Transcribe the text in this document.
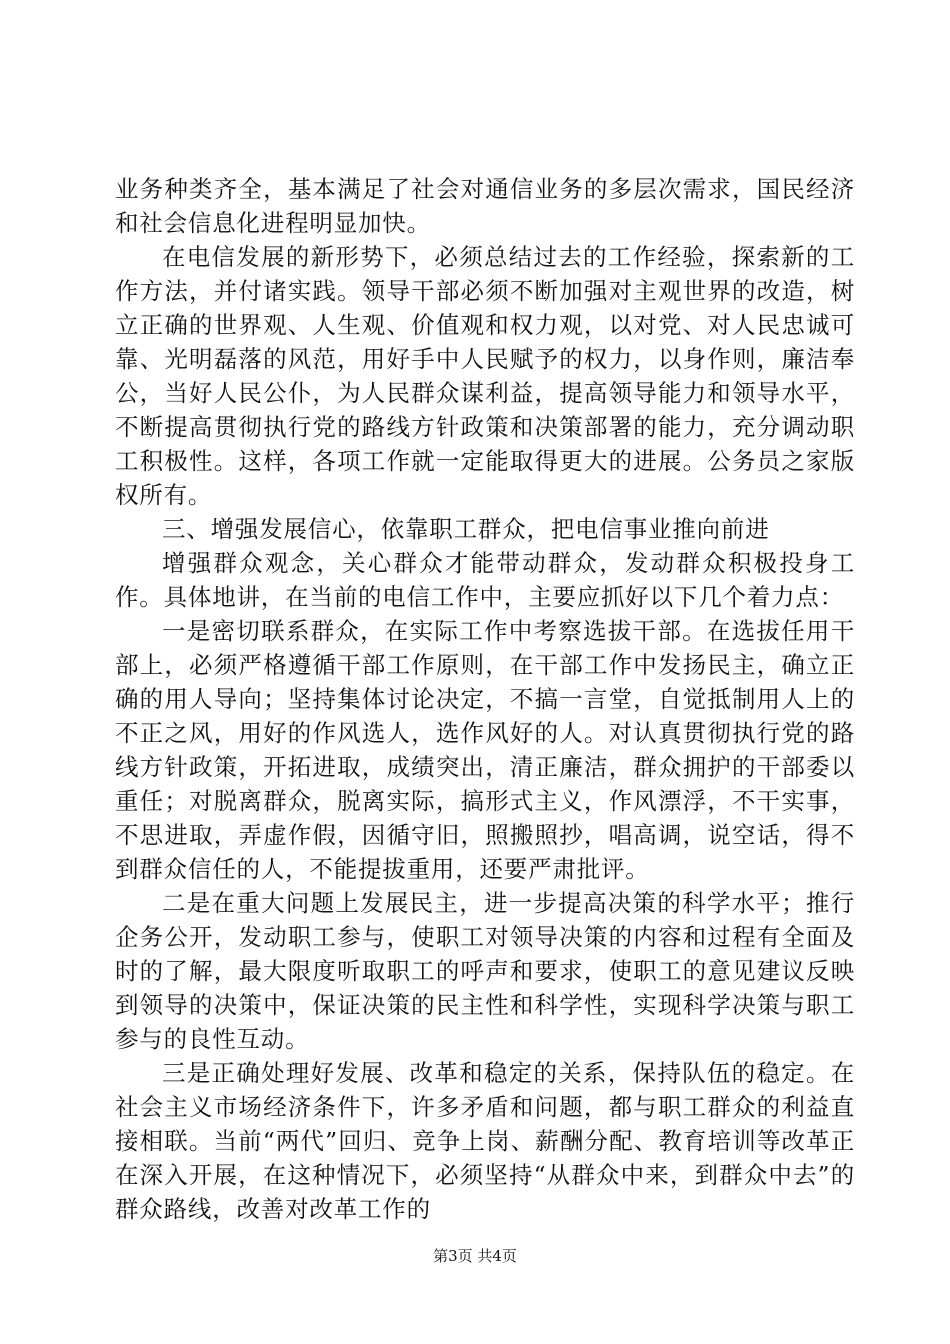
业务种类齐全，基本满足了社会对通信业务的多层次需求，国民经济和社会信息化进程明显加快。

在电信发展的新形势下，必须总结过去的工作经验，探索新的工作方法，并付诸实践。领导干部必须不断加强对主观世界的改造，树立正确的世界观、人生观、价值观和权力观，以对党、对人民忠诚可靠、光明磊落的风范，用好手中人民赋予的权力，以身作则，廉洁奉公，当好人民公仆，为人民群众谋利益，提高领导能力和领导水平，不断提高贯彻执行党的路线方针政策和决策部署的能力，充分调动职工积极性。这样，各项工作就一定能取得更大的进展。公务员之家版权所有。

三、增强发展信心，依靠职工群众，把电信事业推向前进

增强群众观念，关心群众才能带动群众，发动群众积极投身工作。具体地讲，在当前的电信工作中，主要应抓好以下几个着力点：

一是密切联系群众，在实际工作中考察选拔干部。在选拔任用干部上，必须严格遵循干部工作原则，在干部工作中发扬民主，确立正确的用人导向；坚持集体讨论决定，不搞一言堂，自觉抵制用人上的不正之风，用好的作风选人，选作风好的人。对认真贯彻执行党的路线方针政策，开拓进取，成绩突出，清正廉洁，群众拥护的干部委以重任；对脱离群众，脱离实际，搞形式主义，作风漂浮，不干实事，不思进取，弄虚作假，因循守旧，照搬照抄，唱高调，说空话，得不到群众信任的人，不能提拔重用，还要严肃批评。

二是在重大问题上发展民主，进一步提高决策的科学水平；推行企务公开，发动职工参与，使职工对领导决策的内容和过程有全面及时的了解，最大限度听取职工的呼声和要求，使职工的意见建议反映到领导的决策中，保证决策的民主性和科学性，实现科学决策与职工参与的良性互动。

三是正确处理好发展、改革和稳定的关系，保持队伍的稳定。在社会主义市场经济条件下，许多矛盾和问题，都与职工群众的利益直接相联。当前“两代”回归、竞争上岗、薪酬分配、教育培训等改革正在深入开展，在这种情况下，必须坚持“从群众中来，到群众中去”的群众路线，改善对改革工作的

第3页 共4页
